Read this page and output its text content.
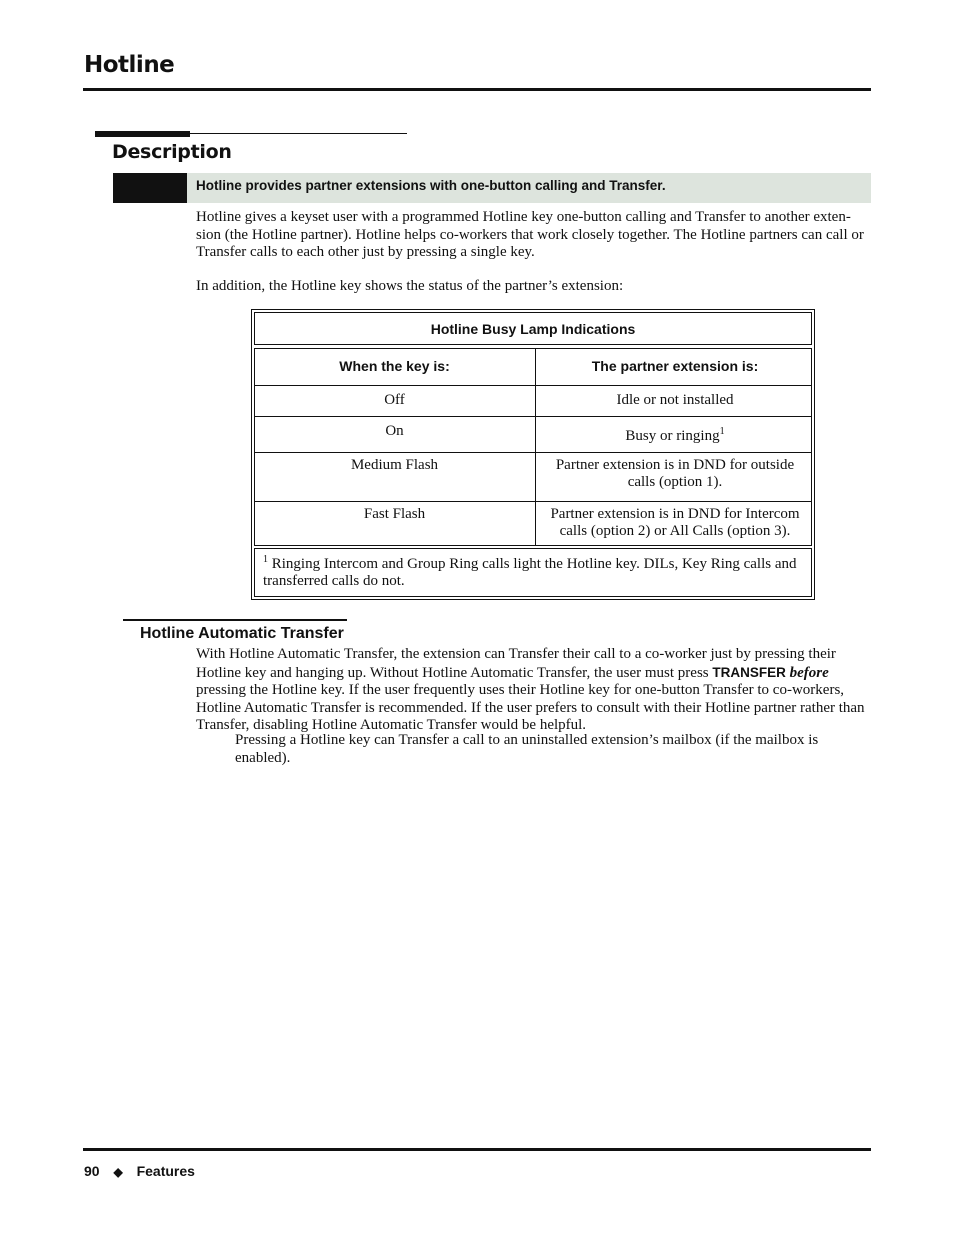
Hotline
Description
Hotline provides partner extensions with one-button calling and Transfer.
Hotline gives a keyset user with a programmed Hotline key one-button calling and Transfer to another exten-sion (the Hotline partner). Hotline helps co-workers that work closely together. The Hotline partners can call or Transfer calls to each other just by pressing a single key.
In addition, the Hotline key shows the status of the partner’s extension:
Hotline Busy Lamp Indications
When the key is:	The partner extension is:
Off	Idle or not installed
On	Busy or ringing$^1$
Medium Flash	Partner extension is in DND for outside calls (option 1).
Fast Flash	Partner extension is in DND for Intercom calls (option 2) or All Calls (option 3).
$^1$ Ringing Intercom and Group Ring calls light the Hotline key. DILs, Key Ring calls and transferred calls do not.
Hotline Automatic Transfer
With Hotline Automatic Transfer, the extension can Transfer their call to a co-worker just by pressing their Hotline key and hanging up. Without Hotline Automatic Transfer, the user must press TRANSFER before pressing the Hotline key. If the user frequently uses their Hotline key for one-button Transfer to co-workers, Hotline Automatic Transfer is recommended. If the user prefers to consult with their Hotline partner rather than Transfer, disabling Hotline Automatic Transfer would be helpful.
Pressing a Hotline key can Transfer a call to an uninstalled extension’s mailbox (if the mailbox is enabled).
90 ◆ Features
